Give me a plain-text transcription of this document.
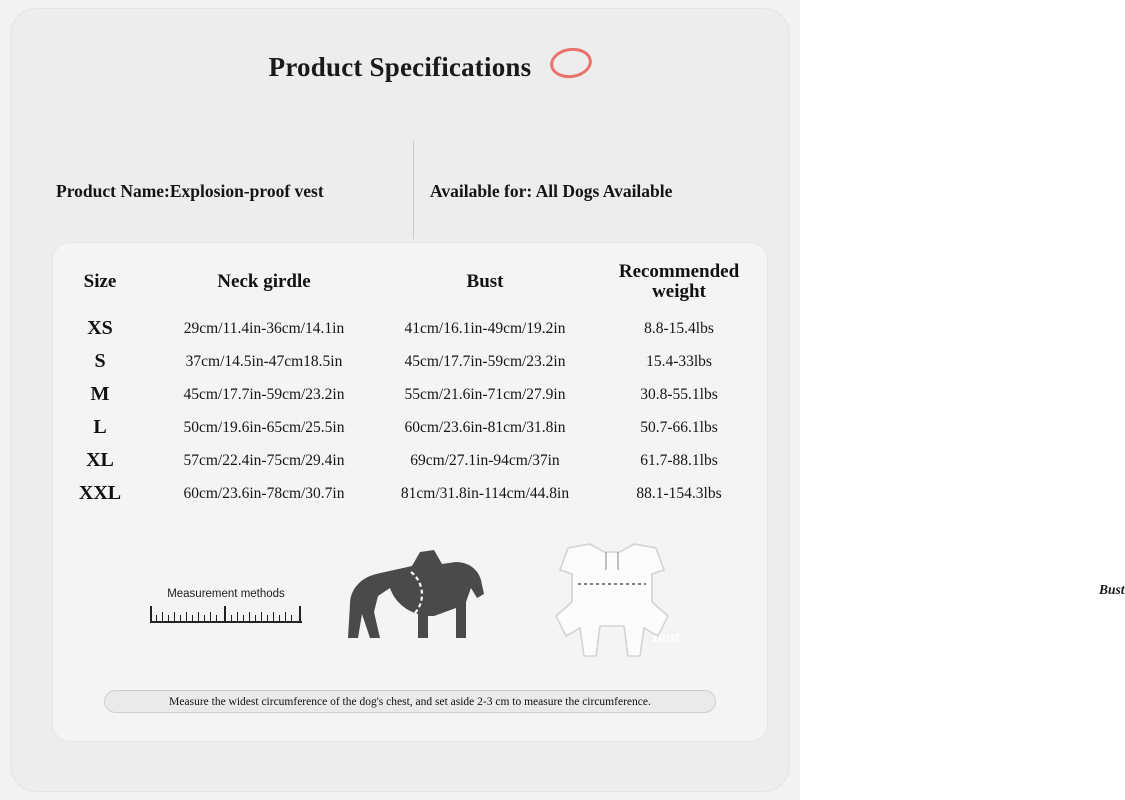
Product Specifications
Product Name:Explosion-proof vest	Available for: All Dogs Available
Size	Neck girdle	Bust	Recommended weight
XS	29cm/11.4in-36cm/14.1in	41cm/16.1in-49cm/19.2in	8.8-15.4lbs
S	37cm/14.5in-47cm18.5in	45cm/17.7in-59cm/23.2in	15.4-33lbs
M	45cm/17.7in-59cm/23.2in	55cm/21.6in-71cm/27.9in	30.8-55.1lbs
L	50cm/19.6in-65cm/25.5in	60cm/23.6in-81cm/31.8in	50.7-66.1lbs
XL	57cm/22.4in-75cm/29.4in	69cm/27.1in-94cm/37in	61.7-88.1lbs
XXL	60cm/23.6in-78cm/30.7in	81cm/31.8in-114cm/44.8in	88.1-154.3lbs
Measurement methods
Bust
Bust
Measure the widest circumference of the dog's chest, and set aside 2-3 cm to measure the circumference.
